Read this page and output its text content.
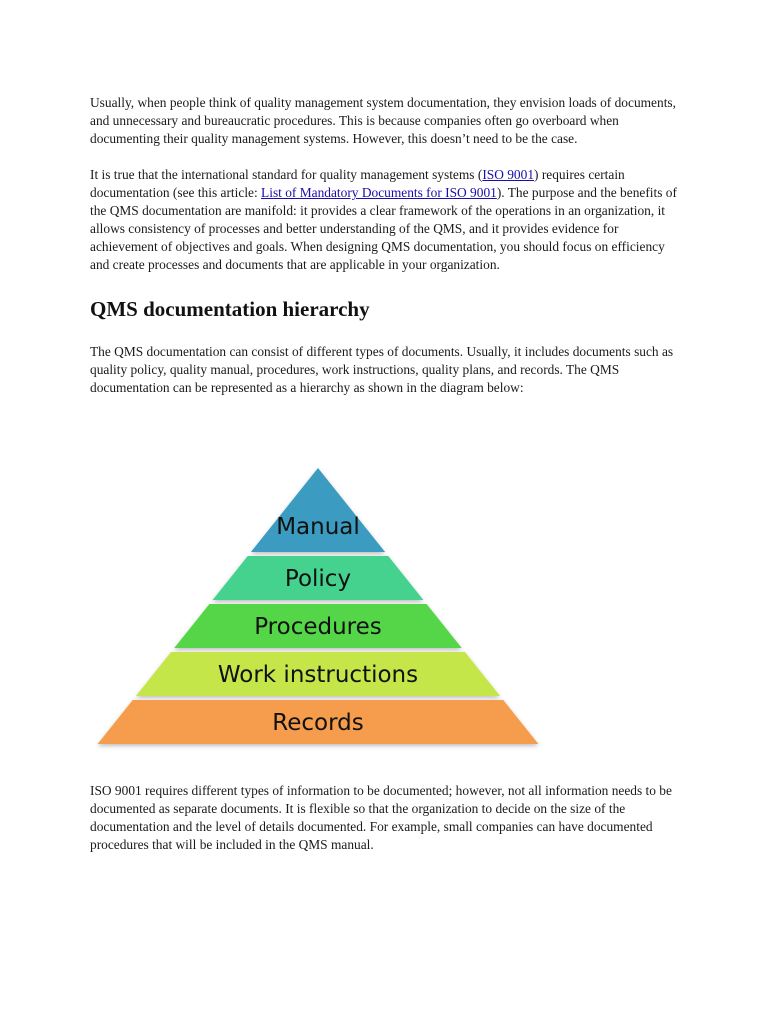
Usually, when people think of quality management system documentation, they envision loads of documents, and unnecessary and bureaucratic procedures. This is because companies often go overboard when documenting their quality management systems. However, this doesn’t need to be the case.

It is true that the international standard for quality management systems (ISO 9001) requires certain documentation (see this article: List of Mandatory Documents for ISO 9001). The purpose and the benefits of the QMS documentation are manifold: it provides a clear framework of the operations in an organization, it allows consistency of processes and better understanding of the QMS, and it provides evidence for achievement of objectives and goals. When designing QMS documentation, you should focus on efficiency and create processes and documents that are applicable in your organization.

QMS documentation hierarchy

The QMS documentation can consist of different types of documents. Usually, it includes documents such as quality policy, quality manual, procedures, work instructions, quality plans, and records. The QMS documentation can be represented as a hierarchy as shown in the diagram below:

Manual
Policy
Procedures
Work instructions
Records

ISO 9001 requires different types of information to be documented; however, not all information needs to be documented as separate documents. It is flexible so that the organization to decide on the size of the documentation and the level of details documented. For example, small companies can have documented procedures that will be included in the QMS manual.
